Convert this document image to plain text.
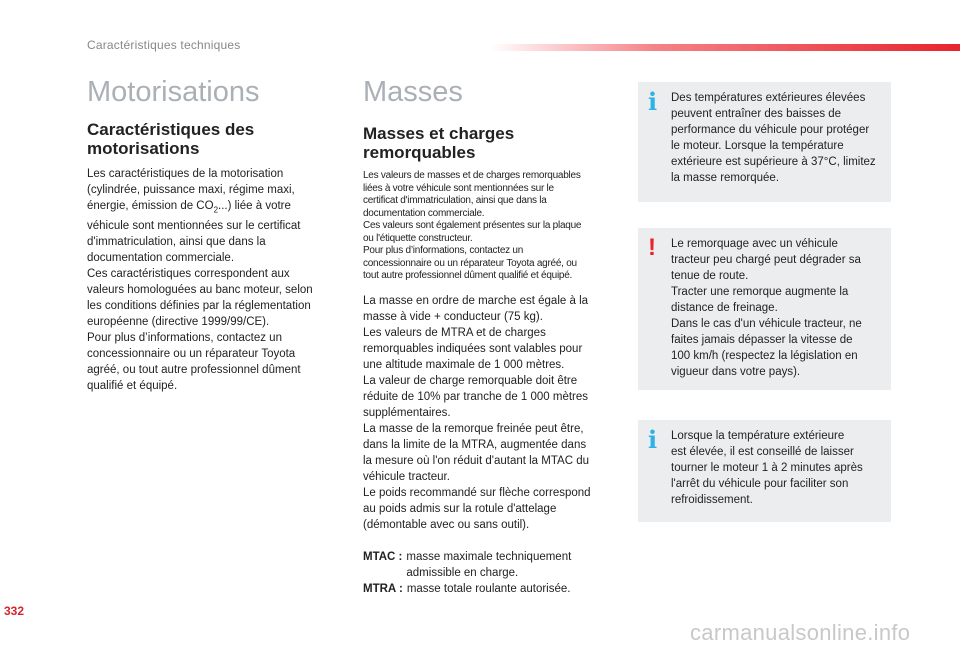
Caractéristiques techniques
Motorisations
Caractéristiques des motorisations

Les caractéristiques de la motorisation
(cylindrée, puissance maxi, régime maxi,
énergie, émission de $CO_2$...) liée à votre
véhicule sont mentionnées sur le certificat
d'immatriculation, ainsi que dans la
documentation commerciale.
Ces caractéristiques correspondent aux
valeurs homologuées au banc moteur, selon
les conditions définies par la réglementation
européenne (directive 1999/99/CE).
Pour plus d’informations, contactez un
concessionnaire ou un réparateur Toyota
agréé, ou tout autre professionnel dûment
qualifié et équipé.

Masses
Masses et charges remorquables

Les valeurs de masses et de charges remorquables
liées à votre véhicule sont mentionnées sur le
certificat d'immatriculation, ainsi que dans la
documentation commerciale.
Ces valeurs sont également présentes sur la plaque
ou l'étiquette constructeur.
Pour plus d’informations, contactez un
concessionnaire ou un réparateur Toyota agréé, ou
tout autre professionnel dûment qualifié et équipé.

La masse en ordre de marche est égale à la
masse à vide + conducteur (75 kg).
Les valeurs de MTRA et de charges
remorquables indiquées sont valables pour
une altitude maximale de 1 000 mètres.
La valeur de charge remorquable doit être
réduite de 10% par tranche de 1 000 mètres
supplémentaires.
La masse de la remorque freinée peut être,
dans la limite de la MTRA, augmentée dans
la mesure où l'on réduit d'autant la MTAC du
véhicule tracteur.
Le poids recommandé sur flèche correspond
au poids admis sur la rotule d'attelage
(démontable avec ou sans outil).

MTAC : masse maximale techniquement
admissible en charge.
MTRA : masse totale roulante autorisée.
i Des températures extérieures élevées
peuvent entraîner des baisses de
performance du véhicule pour protéger
le moteur. Lorsque la température
extérieure est supérieure à 37°C, limitez
la masse remorquée.
! Le remorquage avec un véhicule
tracteur peu chargé peut dégrader sa
tenue de route.
Tracter une remorque augmente la
distance de freinage.
Dans le cas d'un véhicule tracteur, ne
faites jamais dépasser la vitesse de
100 km/h (respectez la législation en
vigueur dans votre pays).
i Lorsque la température extérieure
est élevée, il est conseillé de laisser
tourner le moteur 1 à 2 minutes après
l'arrêt du véhicule pour faciliter son
refroidissement.
332
carmanualsonline.info
